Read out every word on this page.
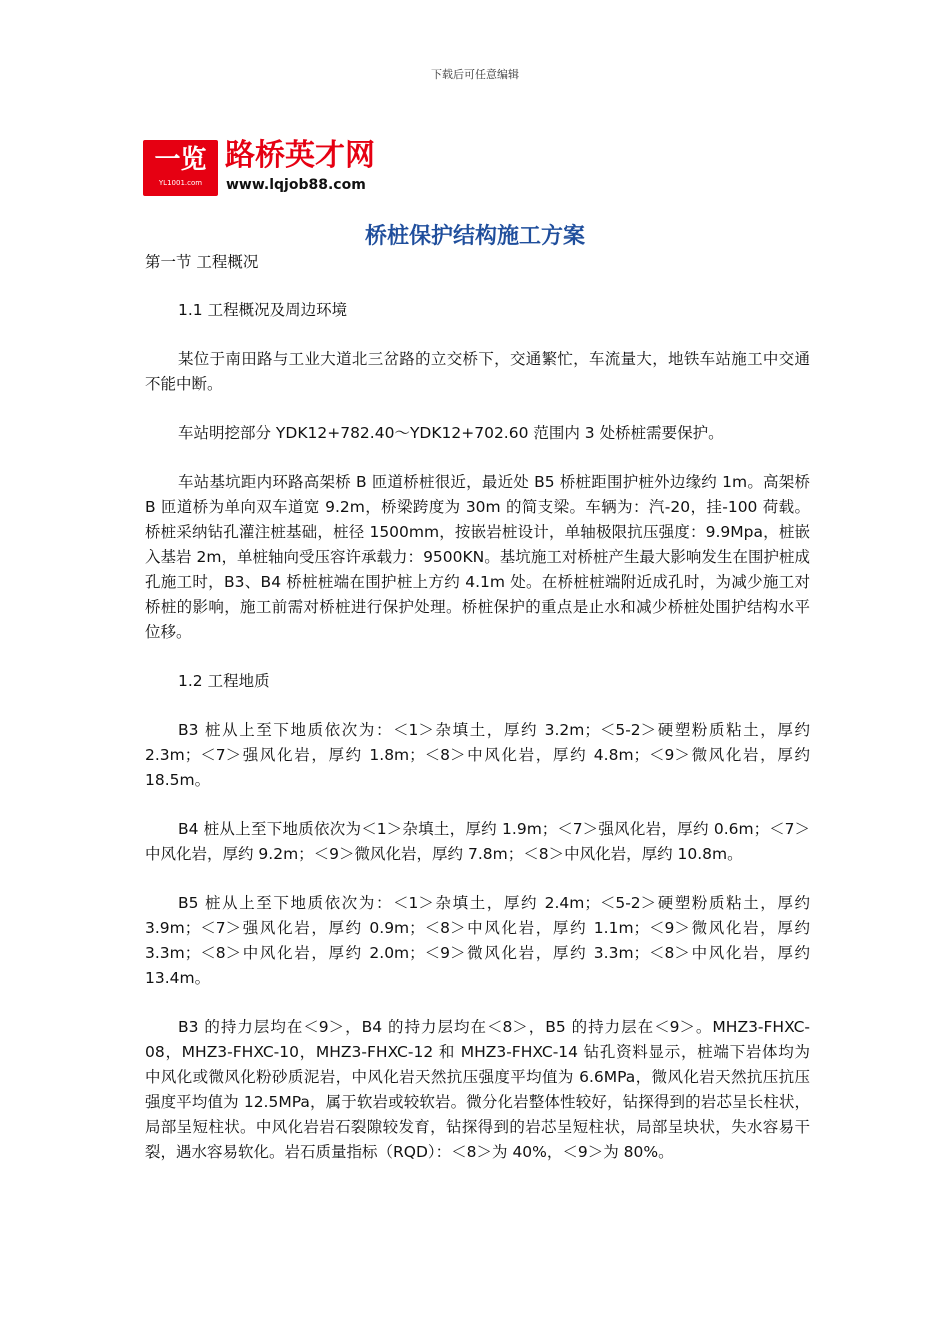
下载后可任意编辑
一览
YL1001.com
路桥英才网
www.lqjob88.com
桥桩保护结构施工方案

第一节 工程概况

1.1 工程概况及周边环境

某位于南田路与工业大道北三岔路的立交桥下，交通繁忙，车流量大，地铁车站施工中交通不能中断。

车站明挖部分 YDK12+782.40～YDK12+702.60 范围内 3 处桥桩需要保护。

车站基坑距内环路高架桥 B 匝道桥桩很近，最近处 B5 桥桩距围护桩外边缘约 1m。高架桥 B 匝道桥为单向双车道宽 9.2m，桥梁跨度为 30m 的简支梁。车辆为：汽-20，挂-100 荷载。桥桩采纳钻孔灌注桩基础，桩径 1500mm，按嵌岩桩设计，单轴极限抗压强度：9.9Mpa，桩嵌入基岩 2m，单桩轴向受压容许承载力：9500KN。基坑施工对桥桩产生最大影响发生在围护桩成孔施工时，B3、B4 桥桩桩端在围护桩上方约 4.1m 处。在桥桩桩端附近成孔时，为减少施工对桥桩的影响，施工前需对桥桩进行保护处理。桥桩保护的重点是止水和减少桥桩处围护结构水平位移。

1.2 工程地质

B3 桩从上至下地质依次为：＜1＞杂填土，厚约 3.2m；＜5-2＞硬塑粉质粘土，厚约 2.3m；＜7＞强风化岩，厚约 1.8m；＜8＞中风化岩，厚约 4.8m；＜9＞微风化岩，厚约 18.5m。

B4 桩从上至下地质依次为＜1＞杂填土，厚约 1.9m；＜7＞强风化岩，厚约 0.6m；＜7＞中风化岩，厚约 9.2m；＜9＞微风化岩，厚约 7.8m；＜8＞中风化岩，厚约 10.8m。

B5 桩从上至下地质依次为：＜1＞杂填土，厚约 2.4m；＜5-2＞硬塑粉质粘土，厚约 3.9m；＜7＞强风化岩，厚约 0.9m；＜8＞中风化岩，厚约 1.1m；＜9＞微风化岩，厚约 3.3m；＜8＞中风化岩，厚约 2.0m；＜9＞微风化岩，厚约 3.3m；＜8＞中风化岩，厚约 13.4m。

B3 的持力层均在＜9＞，B4 的持力层均在＜8＞，B5 的持力层在＜9＞。MHZ3-FHXC-08，MHZ3-FHXC-10，MHZ3-FHXC-12 和 MHZ3-FHXC-14 钻孔资料显示，桩端下岩体均为中风化或微风化粉砂质泥岩，中风化岩天然抗压强度平均值为 6.6MPa，微风化岩天然抗压抗压强度平均值为 12.5MPa，属于软岩或较软岩。微分化岩整体性较好，钻探得到的岩芯呈长柱状，局部呈短柱状。中风化岩岩石裂隙较发育，钻探得到的岩芯呈短柱状，局部呈块状，失水容易干裂，遇水容易软化。岩石质量指标（RQD）：＜8＞为 40%，＜9＞为 80%。
